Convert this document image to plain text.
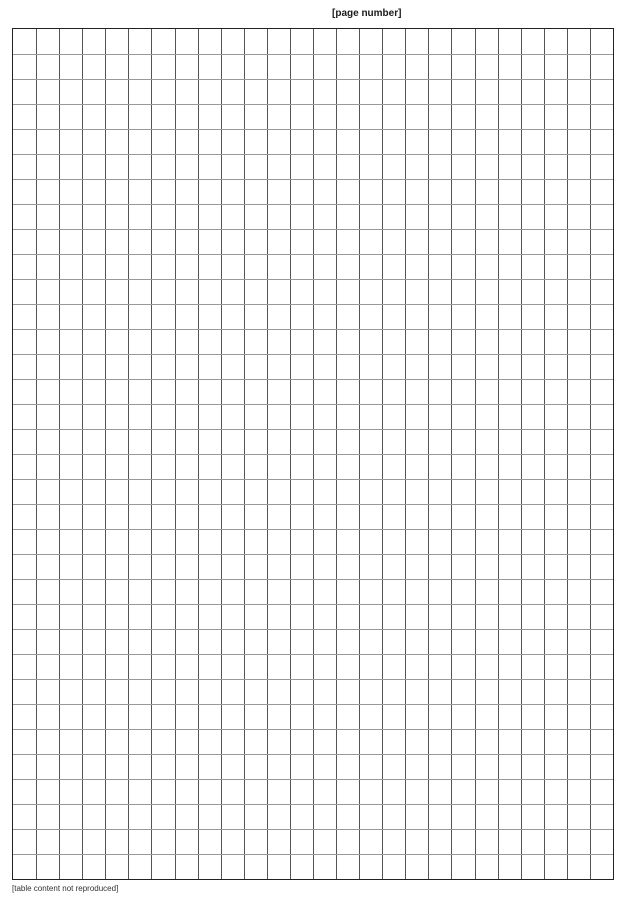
[page number]
[table content not reproduced]
